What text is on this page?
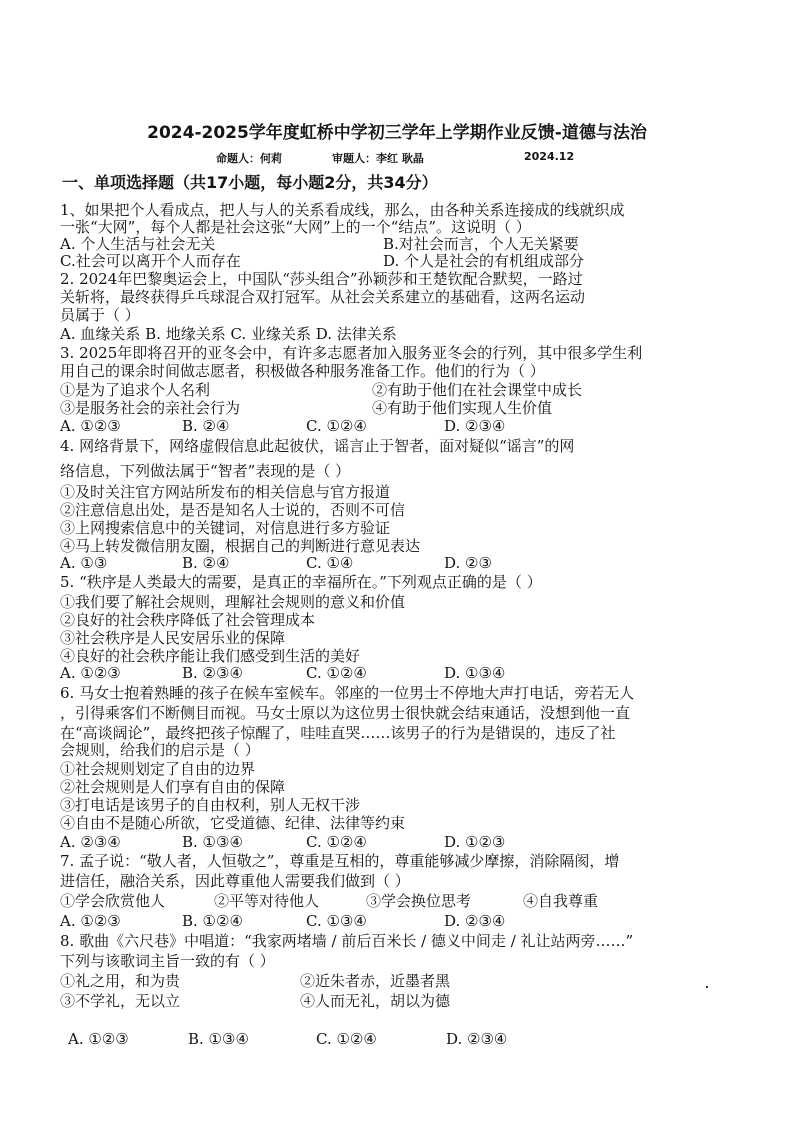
2024-2025学年度虹桥中学初三学年上学期作业反馈-道德与法治
命题人：何莉	审题人：李红 耿晶	2024.12
一、单项选择题（共17小题，每小题2分，共34分）
1、如果把个人看成点，把人与人的关系看成线，那么，由各种关系连接成的线就织成
一张“大网”，每个人都是社会这张“大网”上的一个“结点”。这说明（ ）
A. 个人生活与社会无关	B.对社会而言，个人无关紧要
C.社会可以离开个人而存在	D. 个人是社会的有机组成部分
2. 2024年巴黎奥运会上，中国队“莎头组合”孙颖莎和王楚钦配合默契，一路过
关斩将，最终获得乒乓球混合双打冠军。从社会关系建立的基础看，这两名运动
员属于（ ）
A. 血缘关系 B. 地缘关系 C. 业缘关系 D. 法律关系
3. 2025年即将召开的亚冬会中，有许多志愿者加入服务亚冬会的行列，其中很多学生利
用自己的课余时间做志愿者，积极做各种服务准备工作。他们的行为（ ）
①是为了追求个人名利	②有助于他们在社会课堂中成长
③是服务社会的亲社会行为	④有助于他们实现人生价值
A. ①②③	B. ②④	C. ①②④	D. ②③④
4. 网络背景下，网络虚假信息此起彼伏，谣言止于智者，面对疑似“谣言”的网
络信息，下列做法属于“智者”表现的是（ ）
①及时关注官方网站所发布的相关信息与官方报道
②注意信息出处，是否是知名人士说的，否则不可信
③上网搜索信息中的关键词，对信息进行多方验证
④马上转发微信朋友圈，根据自己的判断进行意见表达
A. ①③	B. ②④	C. ①④	D. ②③
5. “秩序是人类最大的需要，是真正的幸福所在。”下列观点正确的是（ ）
①我们要了解社会规则，理解社会规则的意义和价值
②良好的社会秩序降低了社会管理成本
③社会秩序是人民安居乐业的保障
④良好的社会秩序能让我们感受到生活的美好
A. ①②③	B. ②③④	C. ①②④	D. ①③④
6. 马女士抱着熟睡的孩子在候车室候车。邻座的一位男士不停地大声打电话，旁若无人
，引得乘客们不断侧目而视。马女士原以为这位男士很快就会结束通话，没想到他一直
在“高谈阔论”，最终把孩子惊醒了，哇哇直哭……该男子的行为是错误的，违反了社
会规则，给我们的启示是（ ）
①社会规则划定了自由的边界
②社会规则是人们享有自由的保障
③打电话是该男子的自由权利，别人无权干涉
④自由不是随心所欲，它受道德、纪律、法律等约束
A. ②③④	B. ①③④	C. ①②④	D. ①②③
7. 孟子说：“敬人者，人恒敬之”，尊重是互相的，尊重能够减少摩擦，消除隔阂，增
进信任，融洽关系，因此尊重他人需要我们做到（ ）
①学会欣赏他人	②平等对待他人	③学会换位思考	④自我尊重
A. ①②③	B. ①②④	C. ①③④	D. ②③④
8. 歌曲《六尺巷》中唱道：“我家两堵墙 / 前后百米长 / 德义中间走 / 礼让站两旁……”
下列与该歌词主旨一致的有（ ）
①礼之用，和为贵	②近朱者赤，近墨者黑
③不学礼，无以立	④人而无礼，胡以为德
A. ①②③	B. ①③④	C. ①②④	D. ②③④
